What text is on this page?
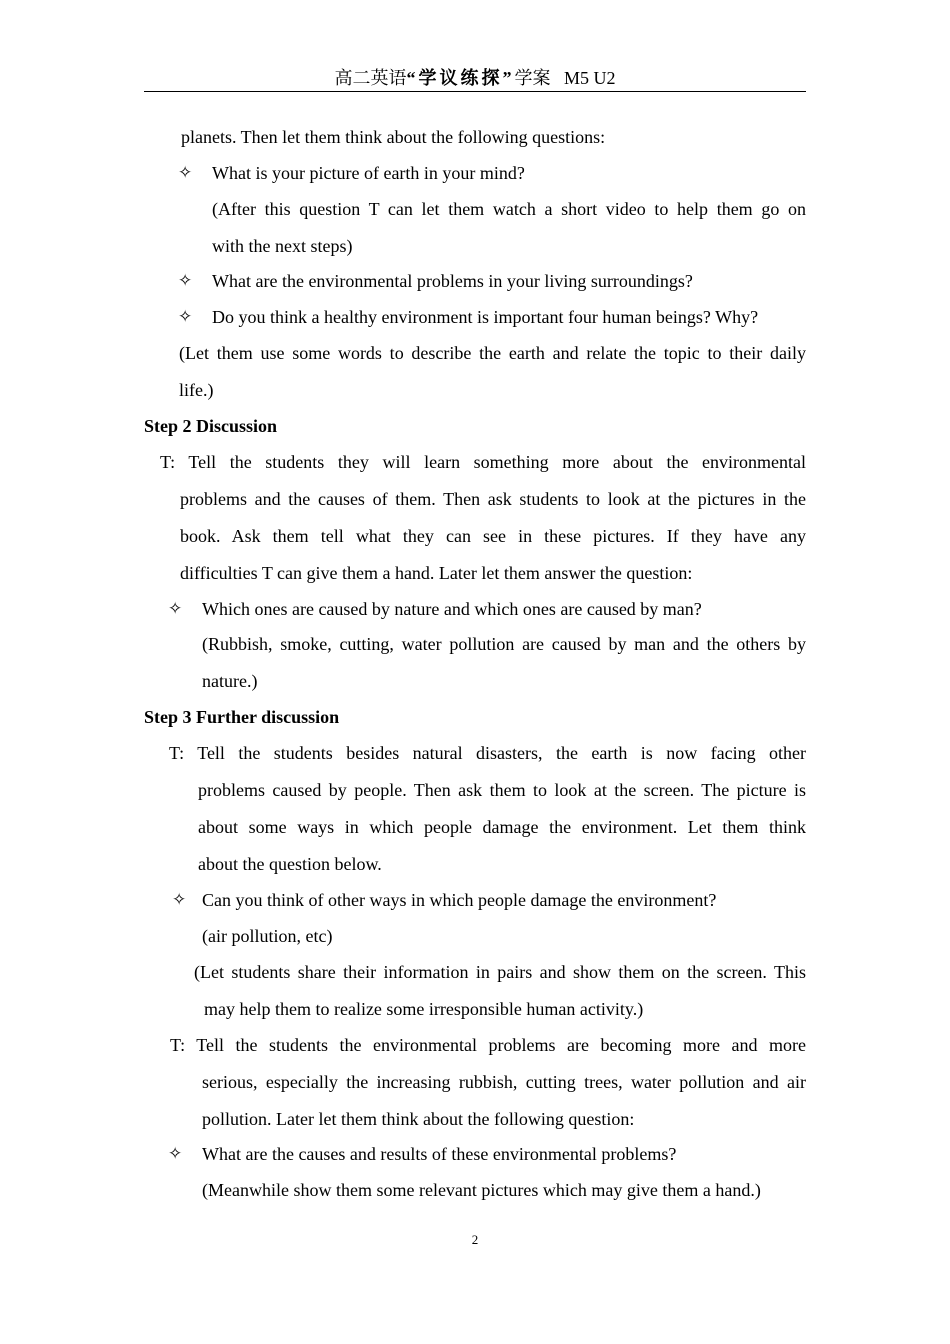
高二英语“学议练探”学案 M5 U2
planets. Then let them think about the following questions:
✧ What is your picture of earth in your mind?
(After this question T can let them watch a short video to help them go on
with the next steps)
✧ What are the environmental problems in your living surroundings?
✧ Do you think a healthy environment is important four human beings? Why?
(Let them use some words to describe the earth and relate the topic to their daily
life.)
Step 2 Discussion
T: Tell the students they will learn something more about the environmental
problems and the causes of them. Then ask students to look at the pictures in the
book. Ask them tell what they can see in these pictures. If they have any
difficulties T can give them a hand. Later let them answer the question:
✧ Which ones are caused by nature and which ones are caused by man?
(Rubbish, smoke, cutting, water pollution are caused by man and the others by
nature.)
Step 3 Further discussion
T: Tell the students besides natural disasters, the earth is now facing other
problems caused by people. Then ask them to look at the screen. The picture is
about some ways in which people damage the environment. Let them think
about the question below.
✧ Can you think of other ways in which people damage the environment?
(air pollution, etc)
(Let students share their information in pairs and show them on the screen. This
may help them to realize some irresponsible human activity.)
T: Tell the students the environmental problems are becoming more and more
serious, especially the increasing rubbish, cutting trees, water pollution and air
pollution. Later let them think about the following question:
✧ What are the causes and results of these environmental problems?
(Meanwhile show them some relevant pictures which may give them a hand.)
2
